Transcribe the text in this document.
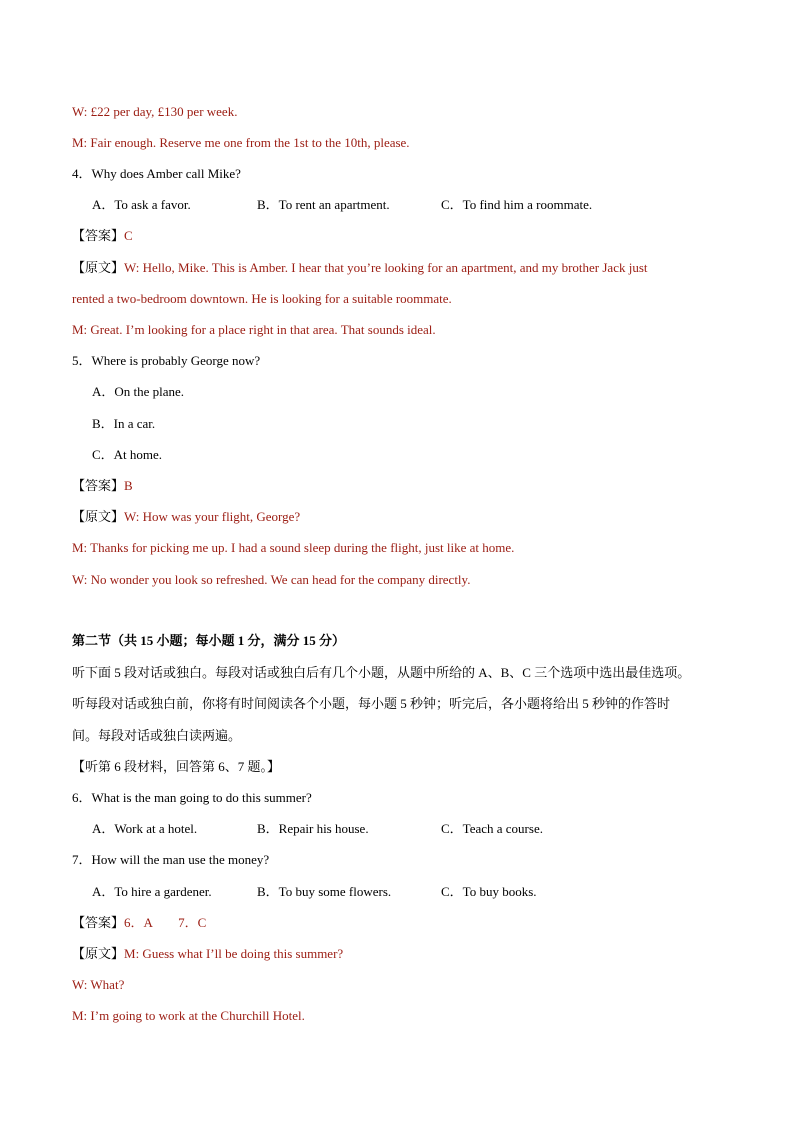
W: £22 per day, £130 per week.
M: Fair enough. Reserve me one from the 1st to the 10th, please.
4．Why does Amber call Mike?
A．To ask a favor.	B．To rent an apartment.	C．To find him a roommate.
【答案】C
【原文】W: Hello, Mike. This is Amber. I hear that you’re looking for an apartment, and my brother Jack just
rented a two-bedroom downtown. He is looking for a suitable roommate.
M: Great. I’m looking for a place right in that area. That sounds ideal.
5．Where is probably George now?
A．On the plane.
B．In a car.
C．At home.
【答案】B
【原文】W: How was your flight, George?
M: Thanks for picking me up. I had a sound sleep during the flight, just like at home.
W: No wonder you look so refreshed. We can head for the company directly.
第二节（共 15 小题；每小题 1 分，满分 15 分）
听下面 5 段对话或独白。每段对话或独白后有几个小题，从题中所给的 A、B、C 三个选项中选出最佳选项。
听每段对话或独白前，你将有时间阅读各个小题，每小题 5 秒钟；听完后，各小题将给出 5 秒钟的作答时
间。每段对话或独白读两遍。
【听第 6 段材料，回答第 6、7 题。】
6．What is the man going to do this summer?
A．Work at a hotel.	B．Repair his house.	C．Teach a course.
7．How will the man use the money?
A．To hire a gardener.	B．To buy some flowers.	C．To buy books.
【答案】6．A　　7．C
【原文】M: Guess what I’ll be doing this summer?
W: What?
M: I’m going to work at the Churchill Hotel.
